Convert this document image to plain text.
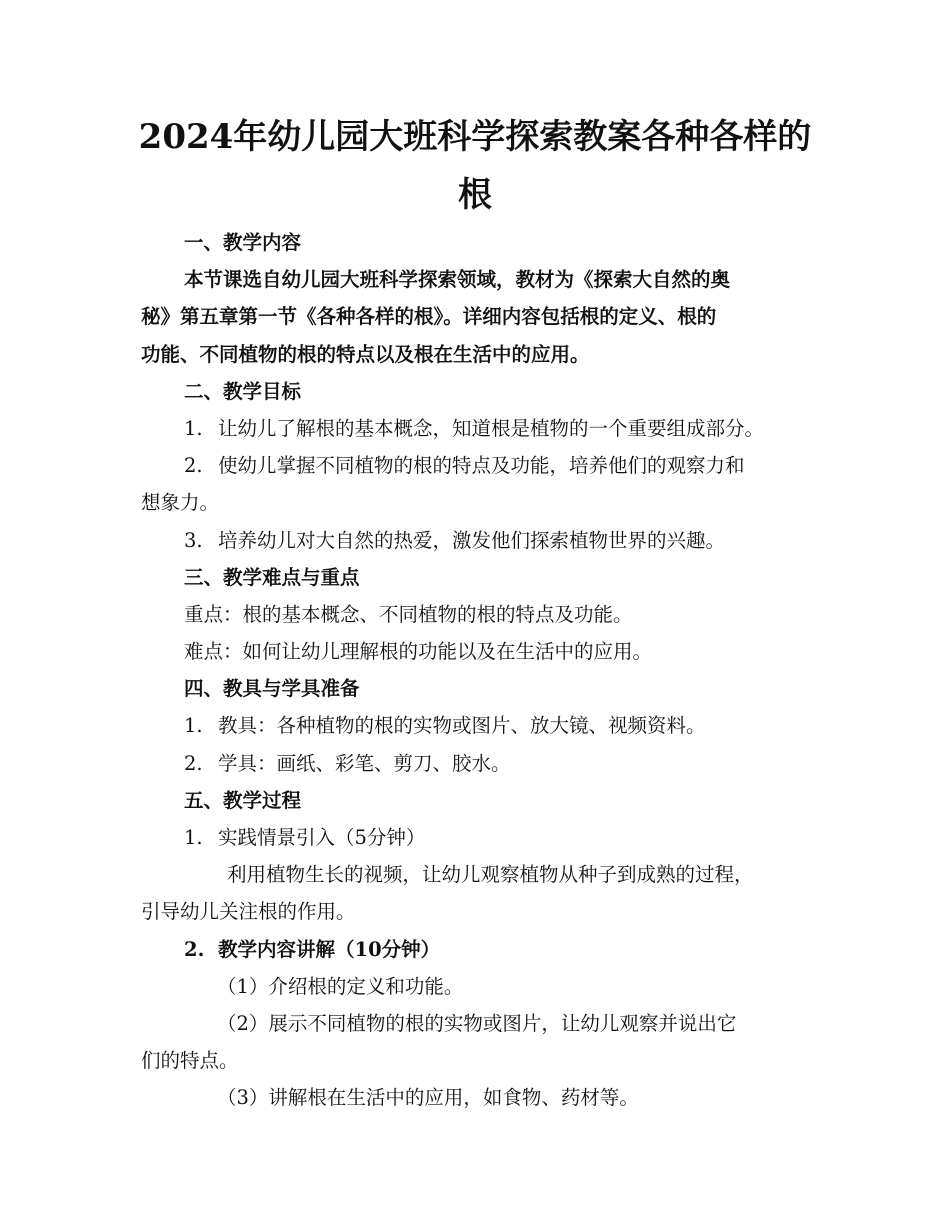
2024年幼儿园大班科学探索教案各种各样的
根
一、教学内容
本节课选自幼儿园大班科学探索领域，教材为《探索大自然的奥
秘》第五章第一节《各种各样的根》。详细内容包括根的定义、根的
功能、不同植物的根的特点以及根在生活中的应用。
二、教学目标
1. 让幼儿了解根的基本概念，知道根是植物的一个重要组成部分。
2. 使幼儿掌握不同植物的根的特点及功能，培养他们的观察力和
想象力。
3. 培养幼儿对大自然的热爱，激发他们探索植物世界的兴趣。
三、教学难点与重点
重点：根的基本概念、不同植物的根的特点及功能。
难点：如何让幼儿理解根的功能以及在生活中的应用。
四、教具与学具准备
1. 教具：各种植物的根的实物或图片、放大镜、视频资料。
2. 学具：画纸、彩笔、剪刀、胶水。
五、教学过程
1. 实践情景引入（5分钟）
利用植物生长的视频，让幼儿观察植物从种子到成熟的过程，
引导幼儿关注根的作用。
2. 教学内容讲解（10分钟）
（1）介绍根的定义和功能。
（2）展示不同植物的根的实物或图片，让幼儿观察并说出它
们的特点。
（3）讲解根在生活中的应用，如食物、药材等。
